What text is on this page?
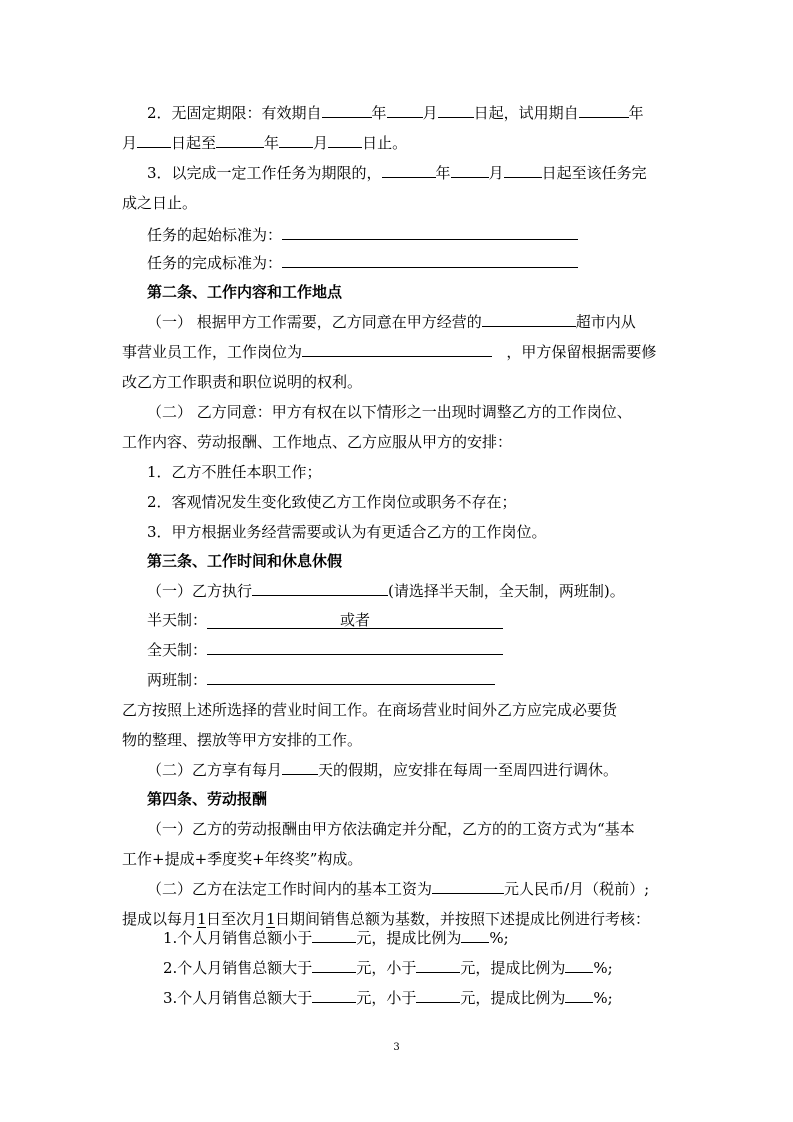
2．无固定期限：有效期自	年 月 日起，试用期自	年
月 日起至	年 月 日止。
3．以完成一定工作任务为期限的，	年	月	日起至该任务完
成之日止。
任务的起始标准为：
任务的完成标准为：
第二条、工作内容和工作地点
（一） 根据甲方工作需要，乙方同意在甲方经营的	超市内从
事营业员工作，工作岗位为	，甲方保留根据需要修
改乙方工作职责和职位说明的权利。
（二） 乙方同意：甲方有权在以下情形之一出现时调整乙方的工作岗位、
工作内容、劳动报酬、工作地点、乙方应服从甲方的安排：
1．乙方不胜任本职工作；
2．客观情况发生变化致使乙方工作岗位或职务不存在；
3．甲方根据业务经营需要或认为有更适合乙方的工作岗位。
第三条、工作时间和休息休假
（一）乙方执行	(请选择半天制，全天制，两班制)。
半天制：	或者
全天制：
两班制：
乙方按照上述所选择的营业时间工作。在商场营业时间外乙方应完成必要货
物的整理、摆放等甲方安排的工作。
（二）乙方享有每月 天的假期，应安排在每周一至周四进行调休。
第四条、劳动报酬
（一）乙方的劳动报酬由甲方依法确定并分配，乙方的的工资方式为“基本
工作+提成+季度奖+年终奖”构成。
（二）乙方在法定工作时间内的基本工资为	元人民币/月（税前）;
提成以每月1日至次月1日期间销售总额为基数，并按照下述提成比例进行考核：
1.个人月销售总额小于	元，提成比例为 %;
2.个人月销售总额大于	元，小于	元，提成比例为 %;
3.个人月销售总额大于	元，小于	元，提成比例为 %;
3
